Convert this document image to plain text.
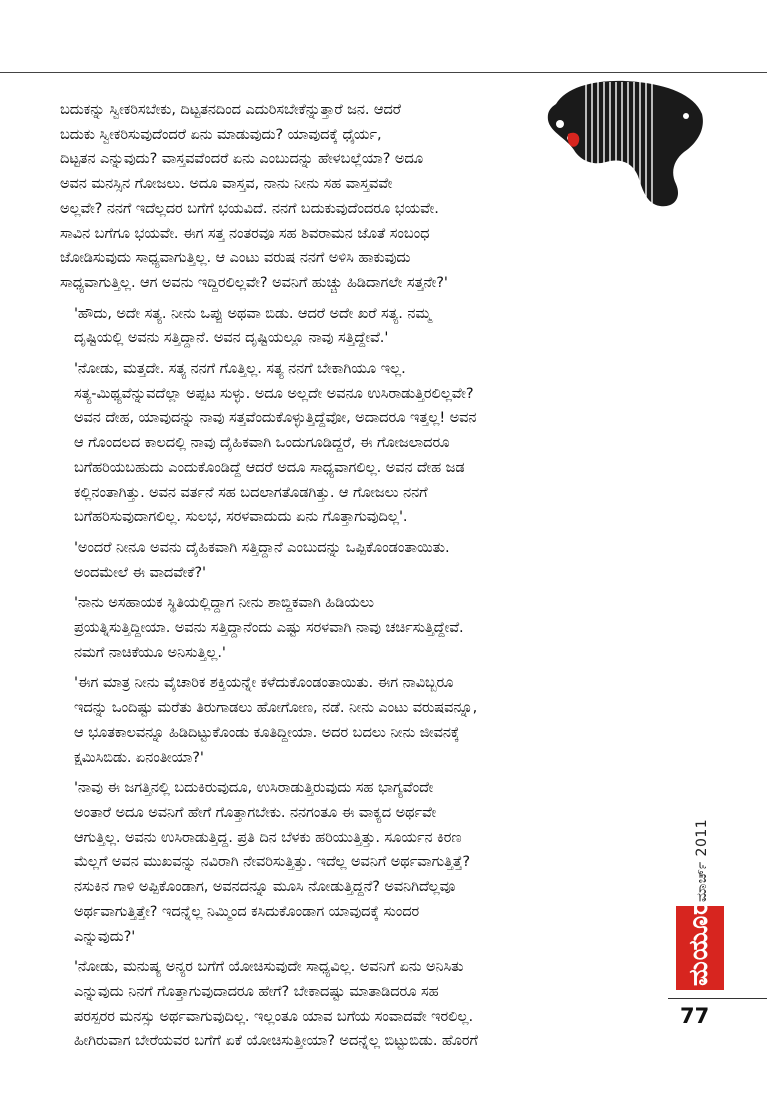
ಬದುಕನ್ನು ಸ್ವೀಕರಿಸಬೇಕು, ದಿಟ್ಟತನದಿಂದ ಎದುರಿಸಬೇಕೆನ್ನುತ್ತಾರೆ ಜನ. ಆದರೆ
ಬದುಕು ಸ್ವೀಕರಿಸುವುದೆಂದರೆ ಏನು ಮಾಡುವುದು? ಯಾವುದಕ್ಕೆ ಧೈರ್ಯ,
ದಿಟ್ಟತನ ಎನ್ನುವುದು? ವಾಸ್ತವವೆಂದರೆ ಏನು ಎಂಬುದನ್ನು ಹೇಳಬಲ್ಲೆಯಾ? ಅದೂ
ಅವನ ಮನಸ್ಸಿನ ಗೋಜಲು. ಅದೂ ವಾಸ್ತವ, ನಾನು ನೀನು ಸಹ ವಾಸ್ತವವೇ
ಅಲ್ಲವೇ? ನನಗೆ ಇದೆಲ್ಲದರ ಬಗೆಗೆ ಭಯವಿದೆ. ನನಗೆ ಬದುಕುವುದೆಂದರೂ ಭಯವೇ.
ಸಾವಿನ ಬಗೆಗೂ ಭಯವೇ. ಈಗ ಸತ್ತ ನಂತರವೂ ಸಹ ಶಿವರಾಮನ ಜೊತೆ ಸಂಬಂಧ
ಜೋಡಿಸುವುದು ಸಾಧ್ಯವಾಗುತ್ತಿಲ್ಲ. ಆ ಎಂಟು ವರುಷ ನನಗೆ ಅಳಿಸಿ ಹಾಕುವುದು
ಸಾಧ್ಯವಾಗುತ್ತಿಲ್ಲ. ಆಗ ಅವನು ಇದ್ದಿರಲಿಲ್ಲವೇ? ಅವನಿಗೆ ಹುಚ್ಚು ಹಿಡಿದಾಗಲೇ ಸತ್ತನೇ?'
'ಹೌದು, ಅದೇ ಸತ್ಯ. ನೀನು ಒಪ್ಪು ಅಥವಾ ಬಿಡು. ಆದರೆ ಅದೇ ಖರೆ ಸತ್ಯ. ನಮ್ಮ
ದೃಷ್ಟಿಯಲ್ಲಿ ಅವನು ಸತ್ತಿದ್ದಾನೆ. ಅವನ ದೃಷ್ಟಿಯಲ್ಲೂ ನಾವು ಸತ್ತಿದ್ದೇವೆ.'
'ನೋಡು, ಮತ್ತದೇ. ಸತ್ಯ ನನಗೆ ಗೊತ್ತಿಲ್ಲ. ಸತ್ಯ ನನಗೆ ಬೇಕಾಗಿಯೂ ಇಲ್ಲ.
ಸತ್ಯ-ಮಿಥ್ಯವೆನ್ನುವದೆಲ್ಲಾ ಅಪ್ಪಟ ಸುಳ್ಳು. ಅದೂ ಅಲ್ಲದೇ ಅವನೂ ಉಸಿರಾಡುತ್ತಿರಲಿಲ್ಲವೇ?
ಅವನ ದೇಹ, ಯಾವುದನ್ನು ನಾವು ಸತ್ತವೆಂದುಕೊಳ್ಳುತ್ತಿದ್ದೆವೋ, ಅದಾದರೂ ಇತ್ತಲ್ಲ! ಅವನ
ಆ ಗೊಂದಲದ ಕಾಲದಲ್ಲಿ ನಾವು ದೈಹಿಕವಾಗಿ ಒಂದುಗೂಡಿದ್ದರೆ, ಈ ಗೋಜಲಾದರೂ
ಬಗೆಹರಿಯಬಹುದು ಎಂದುಕೊಂಡಿದ್ದೆ ಆದರೆ ಅದೂ ಸಾಧ್ಯವಾಗಲಿಲ್ಲ. ಅವನ ದೇಹ ಜಡ
ಕಲ್ಲಿನಂತಾಗಿತ್ತು. ಅವನ ವರ್ತನೆ ಸಹ ಬದಲಾಗತೊಡಗಿತ್ತು. ಆ ಗೋಜಲು ನನಗೆ
ಬಗೆಹರಿಸುವುದಾಗಲಿಲ್ಲ. ಸುಲಭ, ಸರಳವಾದುದು ಏನು ಗೊತ್ತಾಗುವುದಿಲ್ಲ'.
'ಅಂದರೆ ನೀನೂ ಅವನು ದೈಹಿಕವಾಗಿ ಸತ್ತಿದ್ದಾನೆ ಎಂಬುದನ್ನು ಒಪ್ಪಿಕೊಂಡಂತಾಯಿತು.
ಅಂದಮೇಲೆ ಈ ವಾದವೇಕೆ?'
'ನಾನು ಅಸಹಾಯಕ ಸ್ಥಿತಿಯಲ್ಲಿದ್ದಾಗ ನೀನು ಶಾಬ್ದಿಕವಾಗಿ ಹಿಡಿಯಲು
ಪ್ರಯತ್ನಿಸುತ್ತಿದ್ದೀಯಾ. ಅವನು ಸತ್ತಿದ್ದಾನೆಂದು ಎಷ್ಟು ಸರಳವಾಗಿ ನಾವು ಚರ್ಚಿಸುತ್ತಿದ್ದೇವೆ.
ನಮಗೆ ನಾಚಿಕೆಯೂ ಅನಿಸುತ್ತಿಲ್ಲ.'
'ಈಗ ಮಾತ್ರ ನೀನು ವೈಚಾರಿಕ ಶಕ್ತಿಯನ್ನೇ ಕಳೆದುಕೊಂಡಂತಾಯಿತು. ಈಗ ನಾವಿಬ್ಬರೂ
ಇದನ್ನು ಒಂದಿಷ್ಟು ಮರೆತು ತಿರುಗಾಡಲು ಹೋಗೋಣ, ನಡೆ. ನೀನು ಎಂಟು ವರುಷವನ್ನೂ,
ಆ ಭೂತಕಾಲವನ್ನೂ ಹಿಡಿದಿಟ್ಟುಕೊಂಡು ಕೂತಿದ್ದೀಯಾ. ಅದರ ಬದಲು ನೀನು ಜೀವನಕ್ಕೆ
ಕ್ಷಮಿಸಿಬಿಡು. ಏನಂತೀಯಾ?'
'ನಾವು ಈ ಜಗತ್ತಿನಲ್ಲಿ ಬದುಕಿರುವುದೂ, ಉಸಿರಾಡುತ್ತಿರುವುದು ಸಹ ಭಾಗ್ಯವೆಂದೇ
ಅಂತಾರೆ ಅದೂ ಅವನಿಗೆ ಹೇಗೆ ಗೊತ್ತಾಗಬೇಕು. ನನಗಂತೂ ಈ ವಾಕ್ಯದ ಅರ್ಥವೇ
ಆಗುತ್ತಿಲ್ಲ. ಅವನು ಉಸಿರಾಡುತ್ತಿದ್ದ. ಪ್ರತಿ ದಿನ ಬೆಳಕು ಹರಿಯುತ್ತಿತ್ತು. ಸೂರ್ಯನ ಕಿರಣ
ಮೆಲ್ಲಗೆ ಅವನ ಮುಖವನ್ನು ನವಿರಾಗಿ ನೇವರಿಸುತ್ತಿತ್ತು. ಇದೆಲ್ಲ ಅವನಿಗೆ ಅರ್ಥವಾಗುತ್ತಿತ್ತೆ?
ನಸುಕಿನ ಗಾಳಿ ಅಪ್ಪಿಕೊಂಡಾಗ, ಅವನದನ್ನೂ ಮೂಸಿ ನೋಡುತ್ತಿದ್ದನೆ? ಅವನಿಗಿದೆಲ್ಲವೂ
ಅರ್ಥವಾಗುತ್ತಿತ್ತೇ? ಇದನ್ನೆಲ್ಲ ನಿಮ್ಮಿಂದ ಕಸಿದುಕೊಂಡಾಗ ಯಾವುದಕ್ಕೆ ಸುಂದರ
ಎನ್ನುವುದು?'
'ನೋಡು, ಮನುಷ್ಯ ಅನ್ಯರ ಬಗೆಗೆ ಯೋಚಿಸುವುದೇ ಸಾಧ್ಯವಿಲ್ಲ. ಅವನಿಗೆ ಏನು ಅನಿಸಿತು
ಎನ್ನುವುದು ನಿನಗೆ ಗೊತ್ತಾಗುವುದಾದರೂ ಹೇಗೆ? ಬೇಕಾದಷ್ಟು ಮಾತಾಡಿದರೂ ಸಹ
ಪರಸ್ಪರರ ಮನಸ್ಸು ಅರ್ಥವಾಗುವುದಿಲ್ಲ. ಇಲ್ಲಂತೂ ಯಾವ ಬಗೆಯ ಸಂವಾದವೇ ಇರಲಿಲ್ಲ.
ಹೀಗಿರುವಾಗ ಬೇರೆಯವರ ಬಗೆಗೆ ಏಕೆ ಯೋಚಿಸುತ್ತೀಯಾ? ಅದನ್ನೆಲ್ಲ ಬಿಟ್ಟುಬಿಡು. ಹೊರಗೆ
ಮಾರ್ಚ್ 2011
ಮಯೂರ
77
